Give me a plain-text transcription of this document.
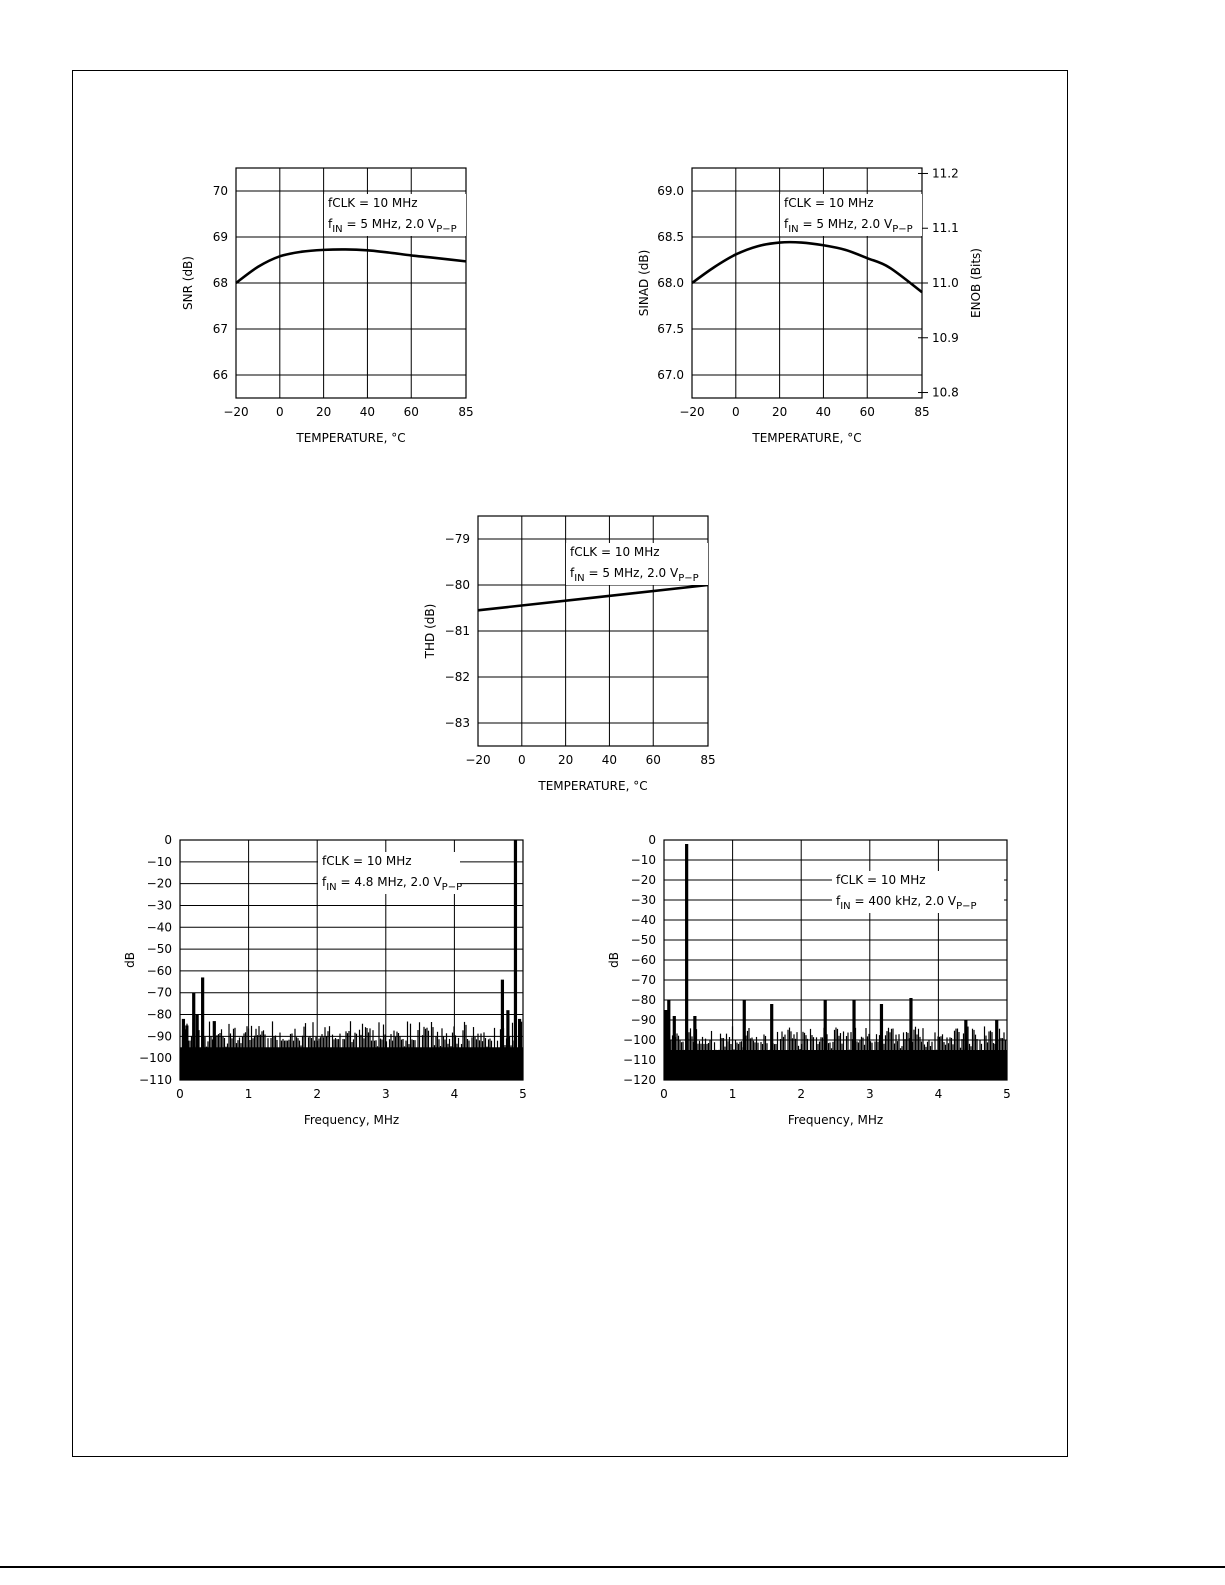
−20 0	20 40 60	85
66
67
68
69
70
TEMPERATURE, °C
SNR (dB)
fCLK = 10 MHz
$f_{IN} = 5$ MHz, 2.0 $V_{P-P}$
−20 0	20 40 60	85
67.0
67.5
68.0
68.5
69.0
10.8
10.9
11.0
11.1
11.2
ENOB (Bits)
TEMPERATURE, °C
SINAD (dB)
fCLK = 10 MHz
$f_{IN} = 5$ MHz, 2.0 $V_{P-P}$
−20 0	20 40 60	85
−83
−82
−81
−80
−79
TEMPERATURE, °C
THD (dB)
fCLK = 10 MHz
$f_{IN} = 5$ MHz, 2.0 $V_{P-P}$
0	1	2	3	4	5
0
−10
−20
−30
−40
−50
−60
−70
−80
−90
−100
−110
Frequency, MHz
dB
fCLK = 10 MHz
$f_{IN} = 4.8$ MHz, 2.0 $V_{P-P}$
0	1	2	3	4	5
0
−10
−20
−30
−40
−50
−60
−70
−80
−90
−100
−110
−120
Frequency, MHz
dB
fCLK = 10 MHz
$f_{IN} = 400$ kHz, 2.0 $V_{P-P}$
